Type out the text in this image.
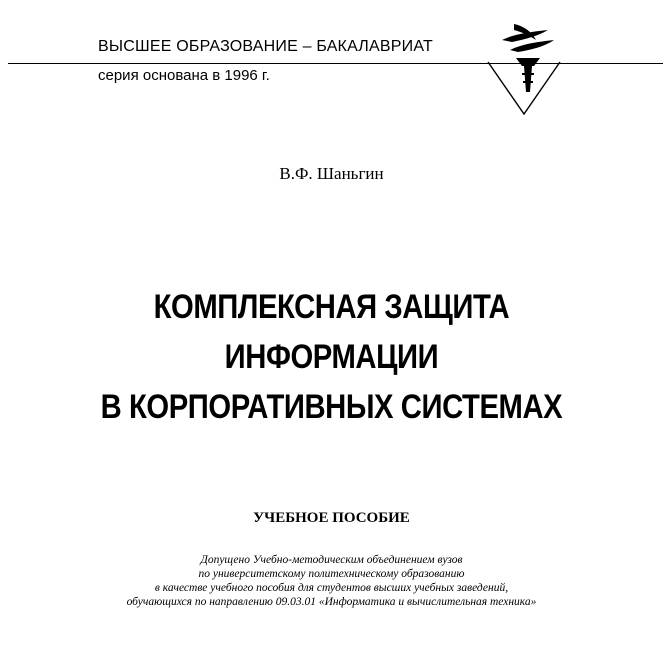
ВЫСШЕЕ ОБРАЗОВАНИЕ – БАКАЛАВРИАТ
серия основана в 1996 г.
В.Ф. Шаньгин
КОМПЛЕКСНАЯ ЗАЩИТА
ИНФОРМАЦИИ
В КОРПОРАТИВНЫХ СИСТЕМАХ
УЧЕБНОЕ ПОСОБИЕ
Допущено Учебно-методическим объединением вузов
по университетскому политехническому образованию
в качестве учебного пособия для студентов высших учебных заведений,
обучающихся по направлению 09.03.01 «Информатика и вычислительная техника»
